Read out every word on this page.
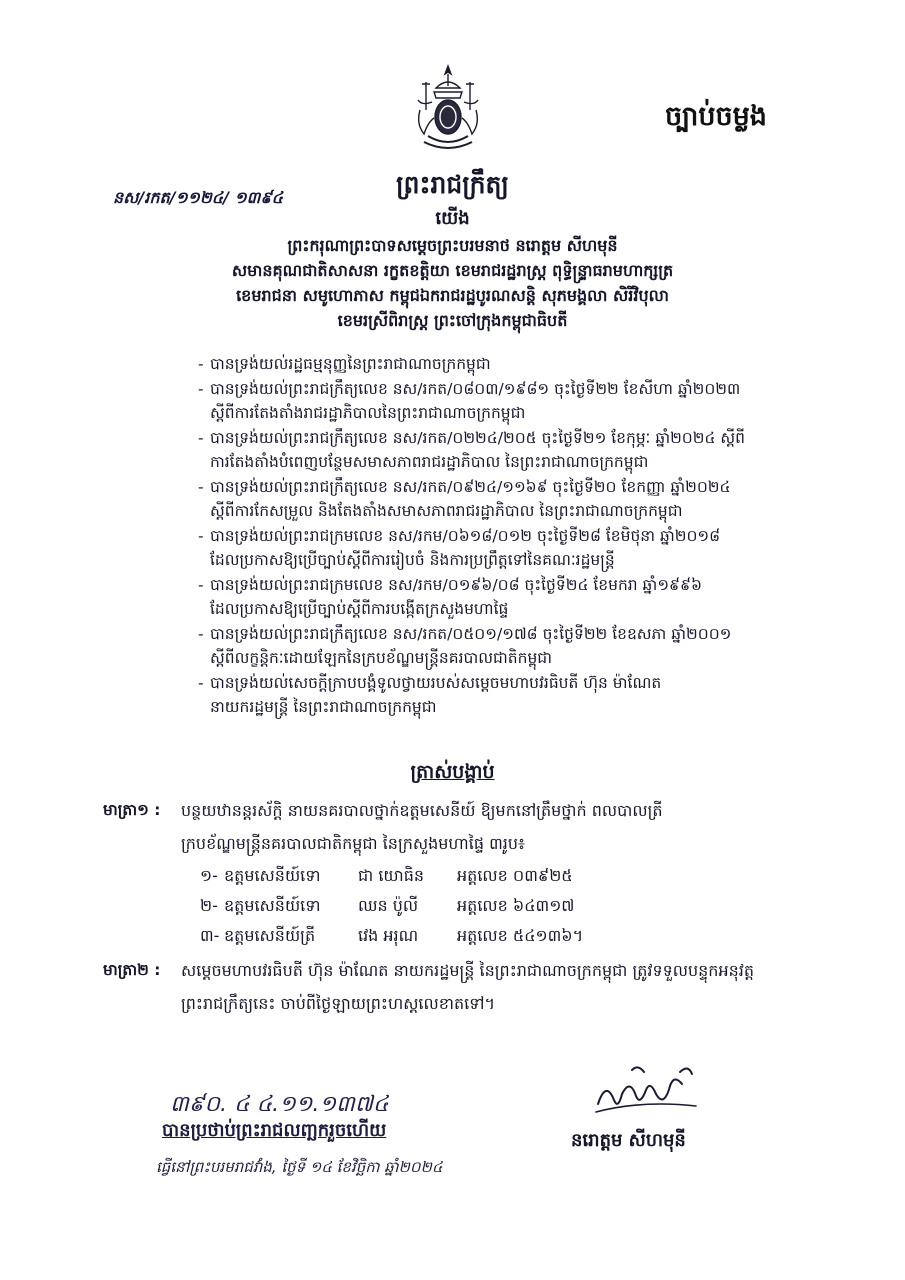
ច្បាប់ចម្លង
នស/រកត/១១២៤/ ១៣៩៤	ព្រះរាជក្រឹត្យ
យើង
ព្រះករុណាព្រះបាទសម្តេចព្រះបរមនាថ នរោត្តម សីហមុនី
សមានគុណជាតិសាសនា រក្ខតខត្តិយា ខេមរាជរដ្ឋរាស្ត្រ ពុទ្ធិន្ទ្រាធរាមហាក្សត្រ
ខេមរាជនា សមូហោភាស កម្ពុជឯករាជរដ្ឋបូរណសន្តិ សុភមង្គលា សិរីវិបុលា
ខេមរស្រីពិរាស្ត្រ ព្រះចៅក្រុងកម្ពុជាធិបតី
- បានទ្រង់យល់រដ្ឋធម្មនុញ្ញនៃព្រះរាជាណាចក្រកម្ពុជា
- បានទ្រង់យល់ព្រះរាជក្រឹត្យលេខ នស/រកត/០៨០៣/១៩៨១ ចុះថ្ងៃទី២២ ខែសីហា ឆ្នាំ២០២៣
ស្តីពីការតែងតាំងរាជរដ្ឋាភិបាលនៃព្រះរាជាណាចក្រកម្ពុជា
- បានទ្រង់យល់ព្រះរាជក្រឹត្យលេខ នស/រកត/០២២៤/២០៥ ចុះថ្ងៃទី២១ ខែកុម្ភៈ ឆ្នាំ២០២៤ ស្តីពី
ការតែងតាំងបំពេញបន្ថែមសមាសភាពរាជរដ្ឋាភិបាល នៃព្រះរាជាណាចក្រកម្ពុជា
- បានទ្រង់យល់ព្រះរាជក្រឹត្យលេខ នស/រកត/០៩២៤/១១៦៩ ចុះថ្ងៃទី២០ ខែកញ្ញា ឆ្នាំ២០២៤
ស្តីពីការកែសម្រួល និងតែងតាំងសមាសភាពរាជរដ្ឋាភិបាល នៃព្រះរាជាណាចក្រកម្ពុជា
- បានទ្រង់យល់ព្រះរាជក្រមលេខ នស/រកម/០៦១៨/០១២ ចុះថ្ងៃទី២៨ ខែមិថុនា ឆ្នាំ២០១៨
ដែលប្រកាសឱ្យប្រើច្បាប់ស្តីពីការរៀបចំ និងការប្រព្រឹត្តទៅនៃគណៈរដ្ឋមន្ត្រី
- បានទ្រង់យល់ព្រះរាជក្រមលេខ នស/រកម/០១៩៦/០៨ ចុះថ្ងៃទី២៤ ខែមករា ឆ្នាំ១៩៩៦
ដែលប្រកាសឱ្យប្រើច្បាប់ស្តីពីការបង្កើតក្រសួងមហាផ្ទៃ
- បានទ្រង់យល់ព្រះរាជក្រឹត្យលេខ នស/រកត/០៥០១/១៧៨ ចុះថ្ងៃទី២២ ខែឧសភា ឆ្នាំ២០០១
ស្តីពីលក្ខន្តិកៈដោយឡែកនៃក្របខ័ណ្ឌមន្ត្រីនគរបាលជាតិកម្ពុជា
- បានទ្រង់យល់សេចក្តីក្រាបបង្គំទូលថ្វាយរបស់សម្តេចមហាបវរធិបតី ហ៊ុន ម៉ាណែត
នាយករដ្ឋមន្ត្រី នៃព្រះរាជាណាចក្រកម្ពុជា
ត្រាស់បង្គាប់
មាត្រា១ : បន្ថយឋានន្តរស័ក្តិ នាយនគរបាលថ្នាក់ឧត្តមសេនីយ៍ ឱ្យមកនៅត្រឹមថ្នាក់ ពលបាលត្រី
ក្របខ័ណ្ឌមន្ត្រីនគរបាលជាតិកម្ពុជា នៃក្រសួងមហាផ្ទៃ ៣រូប៖
១- ឧត្តមសេនីយ៍ទោ ជា យោធិន អត្តលេខ ០៣៩២៥
២- ឧត្តមសេនីយ៍ទោ ឈន ប៉ូលី អត្តលេខ ៦៤៣១៧
៣- ឧត្តមសេនីយ៍ត្រី	វេង អរុណ អត្តលេខ ៥៤១៣៦។
មាត្រា២ : សម្តេចមហាបវរធិបតី ហ៊ុន ម៉ាណែត នាយករដ្ឋមន្ត្រី នៃព្រះរាជាណាចក្រកម្ពុជា ត្រូវទទួលបន្ទុកអនុវត្ត
ព្រះរាជក្រឹត្យនេះ ចាប់ពីថ្ងៃឡាយព្រះហស្តលេខាតទៅ។
៣៩០. ៤ ៤.១១.១៣៧៤
បានប្រថាប់ព្រះរាជលញ្ឆករួចហើយ
ធ្វើនៅព្រះបរមរាជវាំង, ថ្ងៃទី ១៤ ខែវិច្ឆិកា ឆ្នាំ២០២៤
នរោត្តម សីហមុនី
